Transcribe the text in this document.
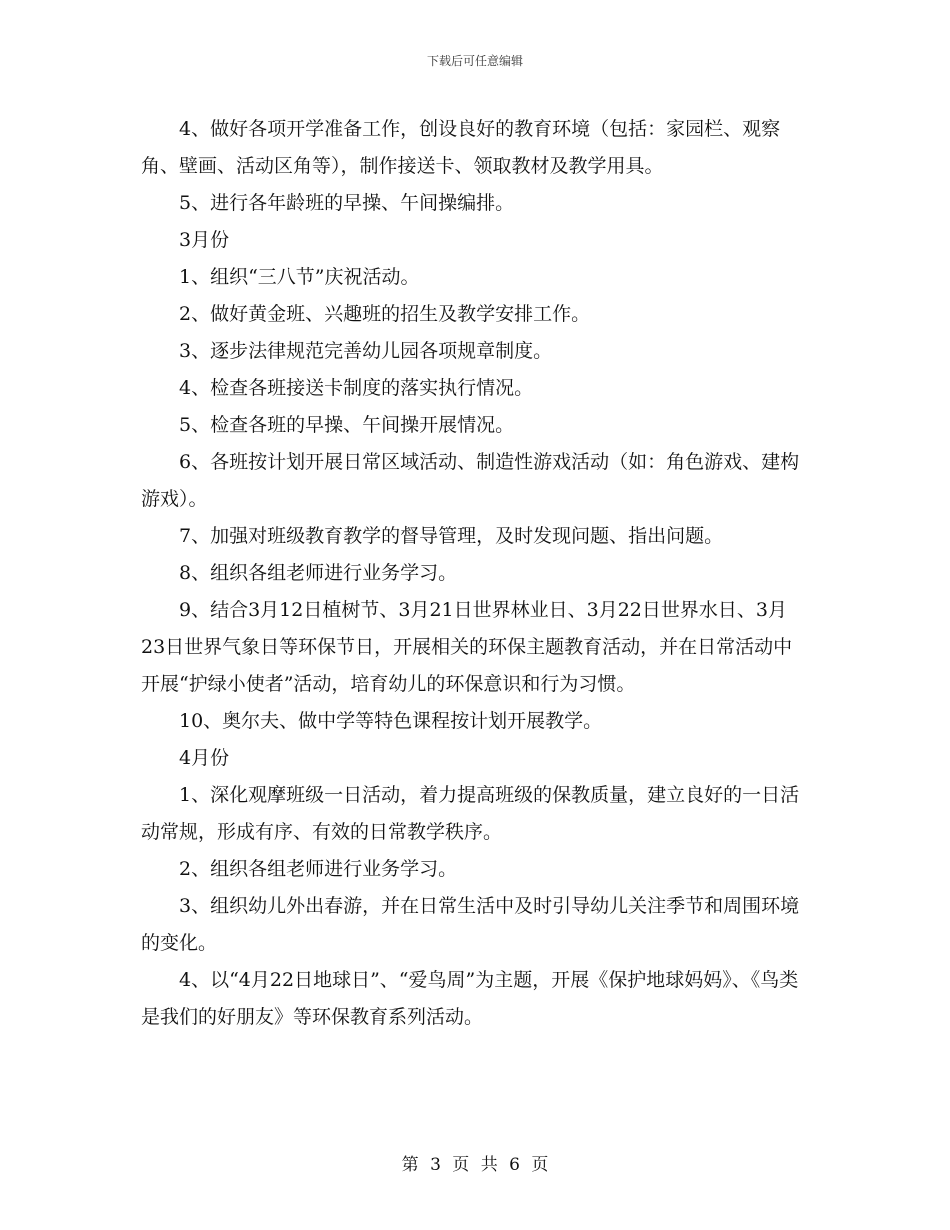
下载后可任意编辑

4、做好各项开学准备工作，创设良好的教育环境（包括：家园栏、观察角、壁画、活动区角等），制作接送卡、领取教材及教学用具。

5、进行各年龄班的早操、午间操编排。

3月份

1、组织“三八节”庆祝活动。

2、做好黄金班、兴趣班的招生及教学安排工作。

3、逐步法律规范完善幼儿园各项规章制度。

4、检查各班接送卡制度的落实执行情况。

5、检查各班的早操、午间操开展情况。

6、各班按计划开展日常区域活动、制造性游戏活动（如：角色游戏、建构游戏）。

7、加强对班级教育教学的督导管理，及时发现问题、指出问题。

8、组织各组老师进行业务学习。

9、结合3月12日植树节、3月21日世界林业日、3月22日世界水日、3月23日世界气象日等环保节日，开展相关的环保主题教育活动，并在日常活动中开展“护绿小使者”活动，培育幼儿的环保意识和行为习惯。

10、奥尔夫、做中学等特色课程按计划开展教学。

4月份

1、深化观摩班级一日活动，着力提高班级的保教质量，建立良好的一日活动常规，形成有序、有效的日常教学秩序。

2、组织各组老师进行业务学习。

3、组织幼儿外出春游，并在日常生活中及时引导幼儿关注季节和周围环境的变化。

4、以“4月22日地球日”、“爱鸟周”为主题，开展《保护地球妈妈》、《鸟类是我们的好朋友》等环保教育系列活动。

第 3 页 共 6 页
